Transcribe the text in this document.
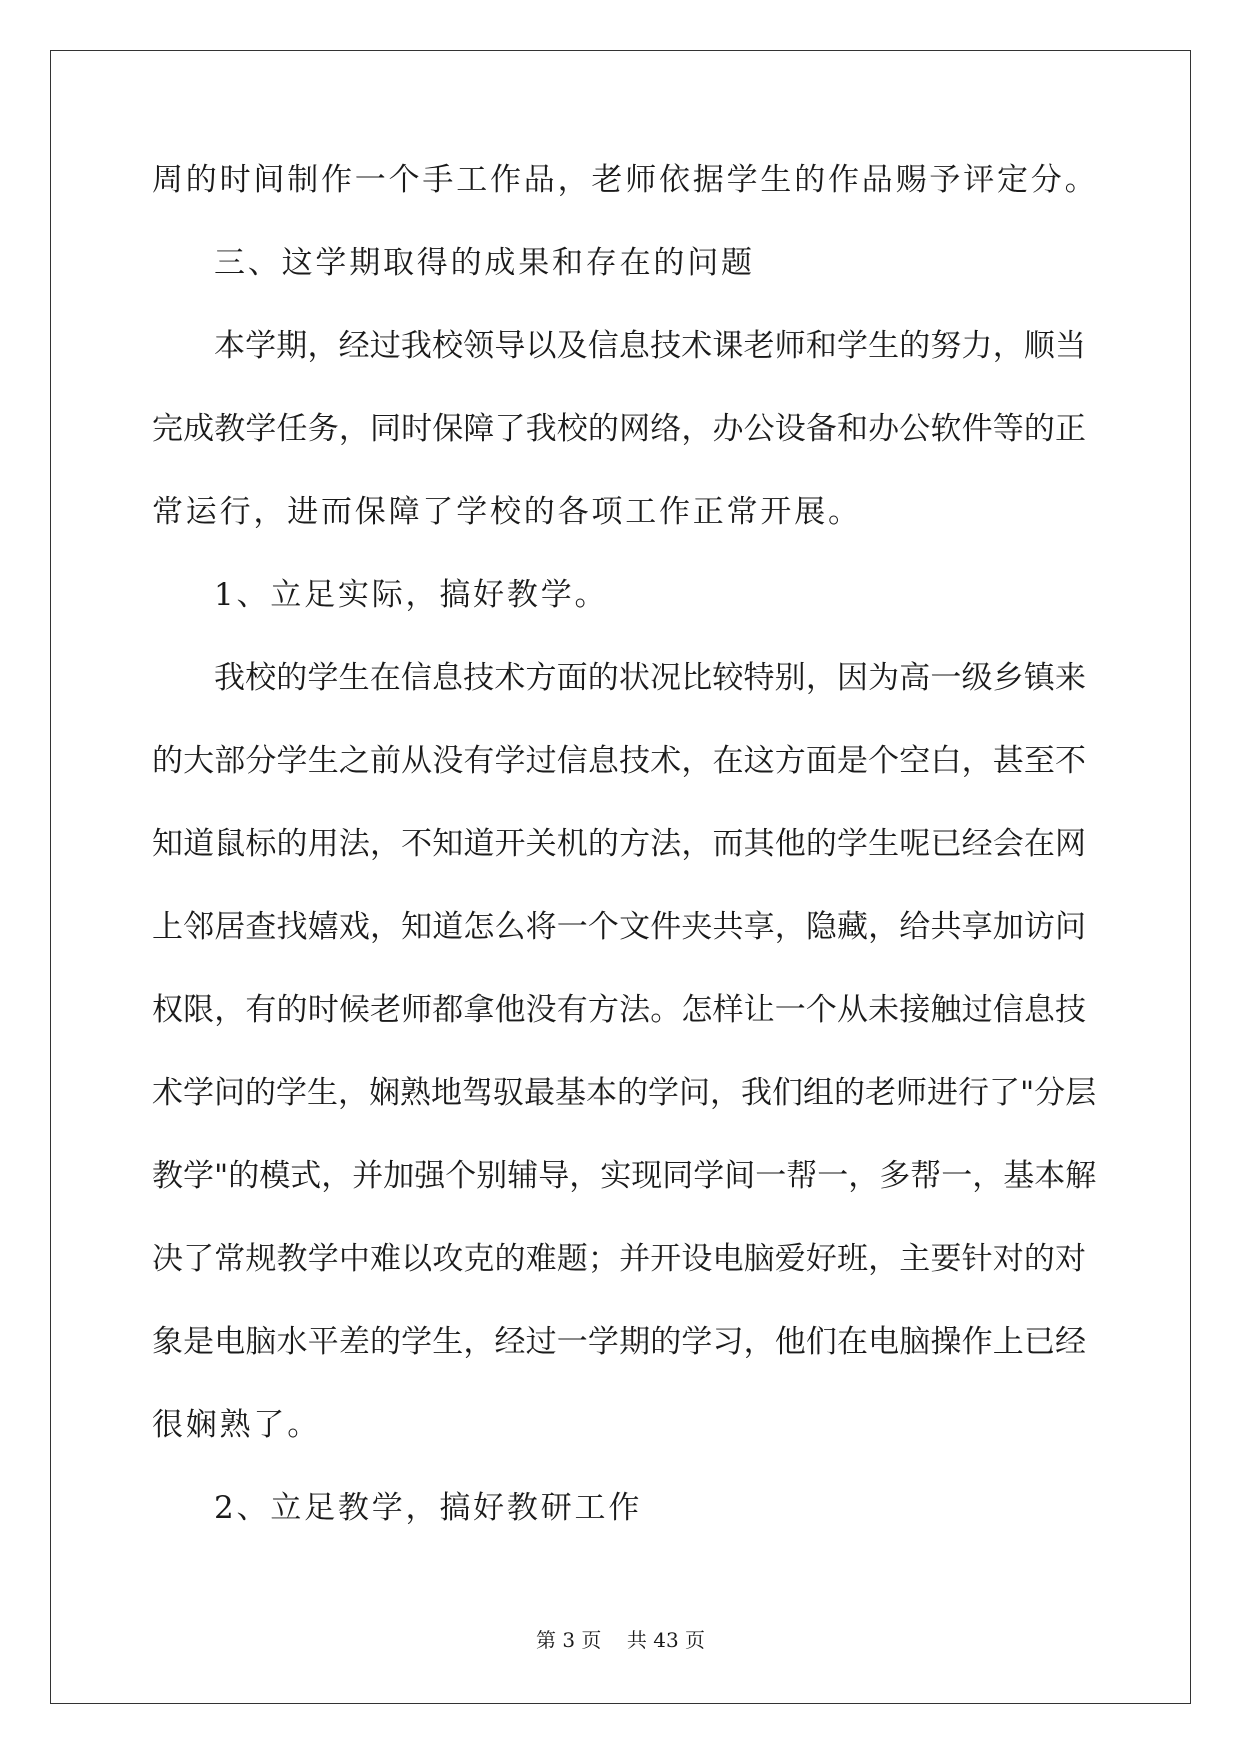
周的时间制作一个手工作品，老师依据学生的作品赐予评定分。
三、这学期取得的成果和存在的问题
本学期，经过我校领导以及信息技术课老师和学生的努力，顺当
完成教学任务，同时保障了我校的网络，办公设备和办公软件等的正
常运行，进而保障了学校的各项工作正常开展。
1、立足实际，搞好教学。
我校的学生在信息技术方面的状况比较特别，因为高一级乡镇来
的大部分学生之前从没有学过信息技术，在这方面是个空白，甚至不
知道鼠标的用法，不知道开关机的方法，而其他的学生呢已经会在网
上邻居查找嬉戏，知道怎么将一个文件夹共享，隐藏，给共享加访问
权限，有的时候老师都拿他没有方法。怎样让一个从未接触过信息技
术学问的学生，娴熟地驾驭最基本的学问，我们组的老师进行了"分层
教学"的模式，并加强个别辅导，实现同学间一帮一，多帮一，基本解
决了常规教学中难以攻克的难题；并开设电脑爱好班，主要针对的对
象是电脑水平差的学生，经过一学期的学习，他们在电脑操作上已经
很娴熟了。
2、立足教学，搞好教研工作
第 3 页 共 43 页
